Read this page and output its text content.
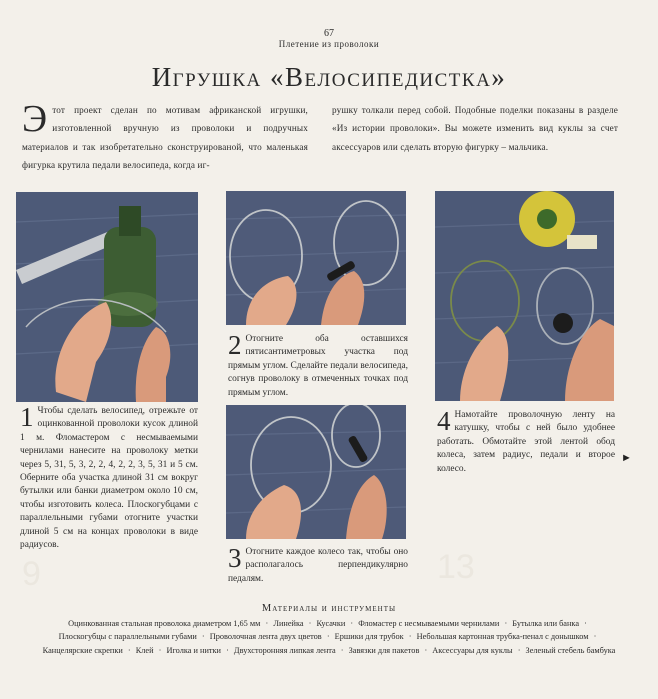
67
Плетение из проволоки
Игрушка «Велосипедистка»
Этот проект сделан по мотивам африканской игрушки, изготовленной вручную из проволоки и подручных материалов и так изобретательно сконструированой, что маленькая фигурка крутила педали велосипеда, когда иг-
рушку толкали перед собой. Подобные поделки показаны в разделе «Из истории проволоки». Вы можете изменить вид куклы за счет аксессуаров или сделать вторую фигурку – мальчика.
1 Чтобы сделать велосипед, отрежьте от оцинкованной проволоки кусок длиной 1 м. Фломастером с несмываемыми чернилами нанесите на проволоку метки через 5, 31, 5, 3, 2, 2, 4, 2, 2, 3, 5, 31 и 5 см. Оберните оба участка длиной 31 см вокруг бутылки или банки диаметром около 10 см, чтобы изготовить колеса. Плоскогубцами с параллельными губами отогните участки длиной 5 см на концах проволоки в виде радиусов.
2 Отогните оба оставшихся пятисантиметровых участка под прямым углом. Сделайте педали велосипеда, согнув проволоку в отмеченных точках под прямым углом.
3 Отогните каждое колесо так, чтобы оно располагалось перпендикулярно педалям.
4 Намотайте проволочную ленту на катушку, чтобы с ней было удобнее работать. Обмотайте этой лентой обод колеса, затем радиус, педали и второе колесо.
►
9	13
Материалы и инструменты
Оцинкованная стальная проволока диаметром 1,65 мм · Линейка · Кусачки · Фломастер с несмываемыми чернилами · Бутылка или банка · Плоскогубцы с параллельными губами · Проволочная лента двух цветов · Ершики для трубок · Небольшая картонная трубка-пенал с донышком · Канцелярские скрепки · Клей · Иголка и нитки · Двухсторонняя липкая лента · Завязки для пакетов · Аксессуары для куклы · Зеленый стебель бамбука
